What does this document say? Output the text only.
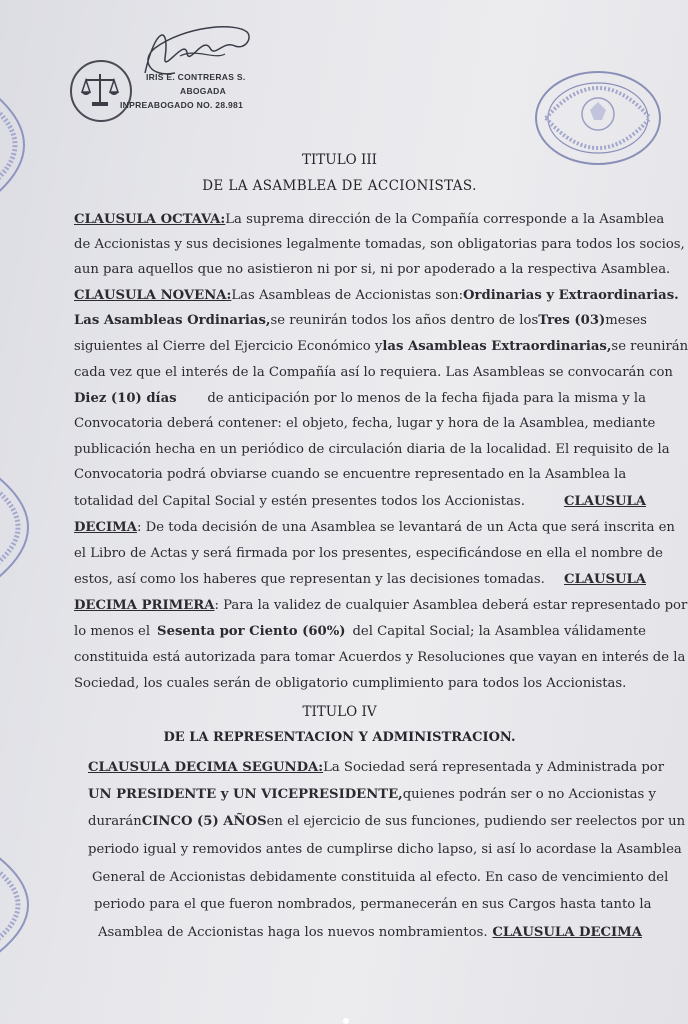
IRIS E. CONTRERAS S.
ABOGADA
INPREABOGADO NO. 28.981
TITULO III
DE LA ASAMBLEA DE ACCIONISTAS.
CLAUSULA OCTAVA: La suprema dirección de la Compañía corresponde a la Asamblea
de Accionistas y sus decisiones legalmente tomadas, son obligatorias para todos los socios,
aun para aquellos que no asistieron ni por si, ni por apoderado a la respectiva Asamblea.
CLAUSULA NOVENA: Las Asambleas de Accionistas son: Ordinarias y Extraordinarias.
Las Asambleas Ordinarias, se reunirán todos los años dentro de los Tres (03) meses
siguientes al Cierre del Ejercicio Económico y las Asambleas Extraordinarias, se reunirán
cada vez que el interés de la Compañía así lo requiera. Las Asambleas se convocarán con
Diez (10) días de anticipación por lo menos de la fecha fijada para la misma y la
Convocatoria deberá contener: el objeto, fecha, lugar y hora de la Asamblea, mediante
publicación hecha en un periódico de circulación diaria de la localidad. El requisito de la
Convocatoria podrá obviarse cuando se encuentre representado en la Asamblea la
totalidad del Capital Social y estén presentes todos los Accionistas.	CLAUSULA
DECIMA : De toda decisión de una Asamblea se levantará de un Acta que será inscrita en
el Libro de Actas y será firmada por los presentes, especificándose en ella el nombre de
estos, así como los haberes que representan y las decisiones tomadas. CLAUSULA
DECIMA PRIMERA : Para la validez de cualquier Asamblea deberá estar representado por
lo menos el Sesenta por Ciento (60%) del Capital Social; la Asamblea válidamente
constituida está autorizada para tomar Acuerdos y Resoluciones que vayan en interés de la
Sociedad, los cuales serán de obligatorio cumplimiento para todos los Accionistas.
TITULO IV
DE LA REPRESENTACION Y ADMINISTRACION.
CLAUSULA DECIMA SEGUNDA: La Sociedad será representada y Administrada por
UN PRESIDENTE y UN VICEPRESIDENTE, quienes podrán ser o no Accionistas y
durarán CINCO (5) AÑOS en el ejercicio de sus funciones, pudiendo ser reelectos por un
periodo igual y removidos antes de cumplirse dicho lapso, si así lo acordase la Asamblea
General de Accionistas debidamente constituida al efecto. En caso de vencimiento del
periodo para el que fueron nombrados, permanecerán en sus Cargos hasta tanto la
Asamblea de Accionistas haga los nuevos nombramientos. CLAUSULA DECIMA
